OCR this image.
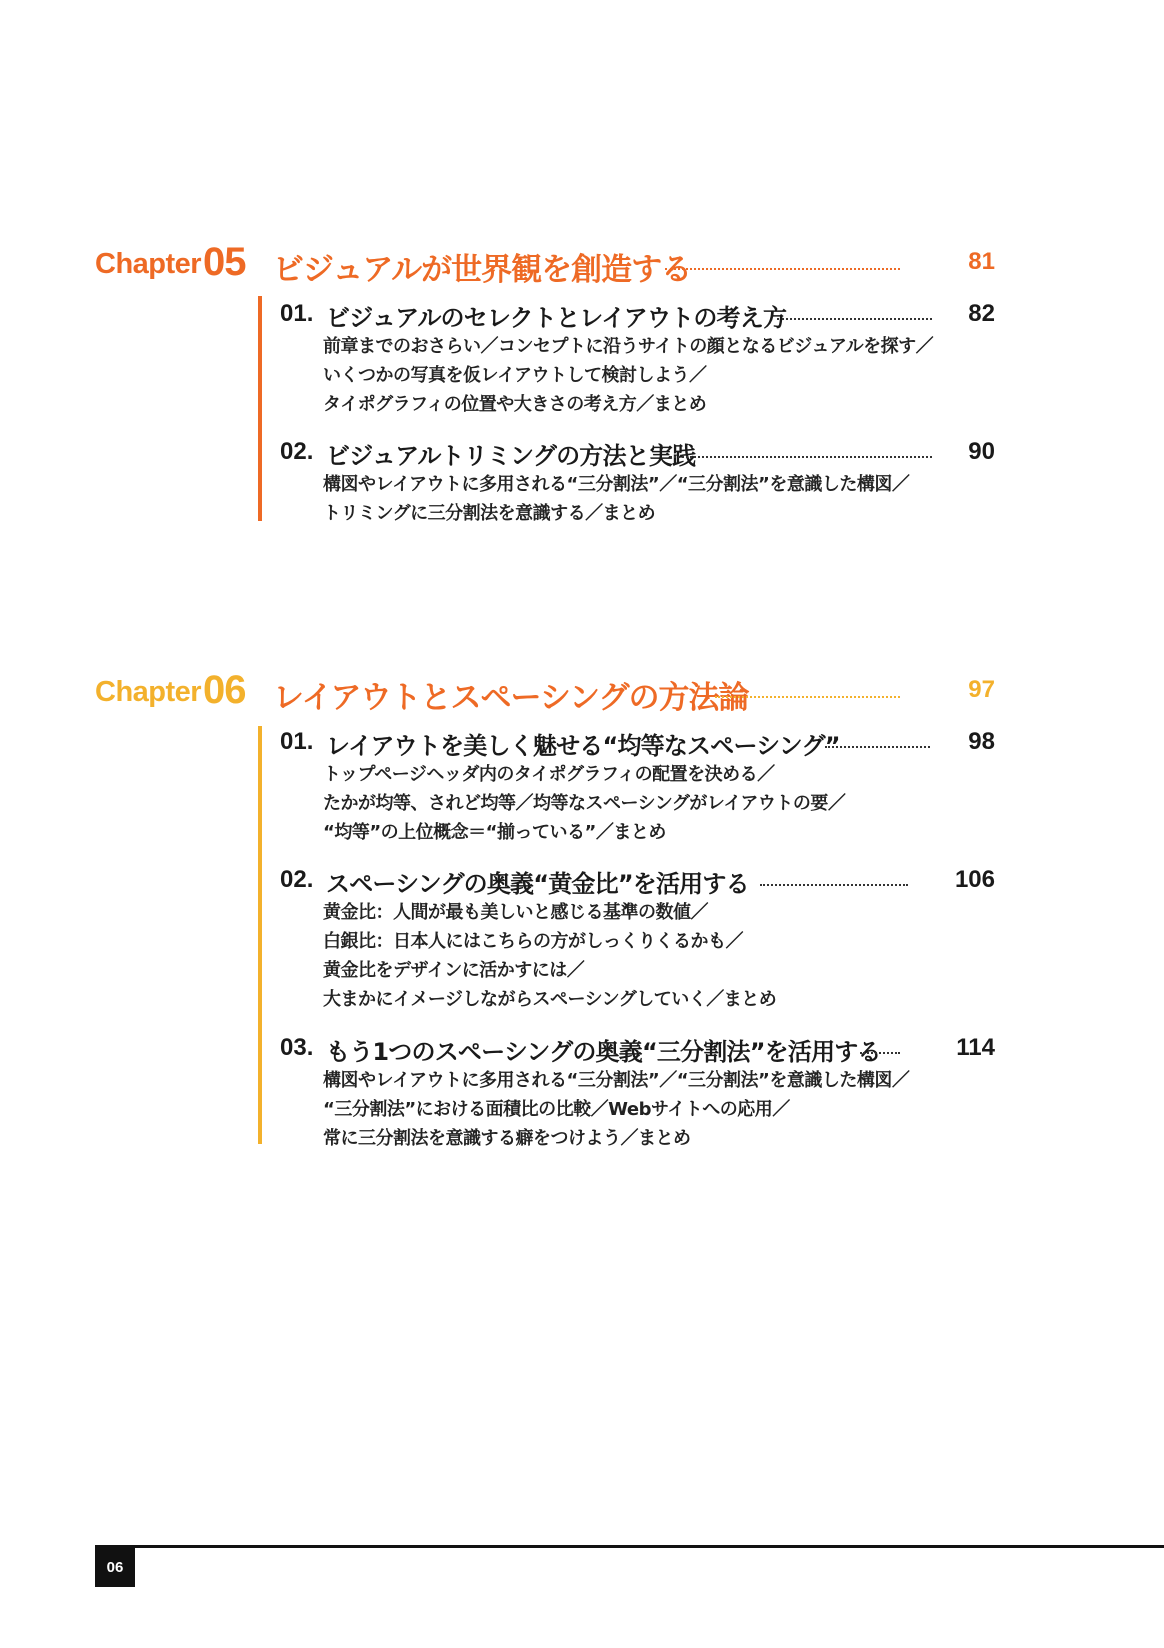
Chapter 05 ビジュアルが世界観を創造する	81
01. ビジュアルのセレクトとレイアウトの考え方	82
前章までのおさらい／コンセプトに沿うサイトの顔となるビジュアルを探す／
いくつかの写真を仮レイアウトして検討しよう／
タイポグラフィの位置や大きさの考え方／まとめ
02. ビジュアルトリミングの方法と実践	90
構図やレイアウトに多用される“三分割法”／“三分割法”を意識した構図／
トリミングに三分割法を意識する／まとめ
Chapter 06 レイアウトとスペーシングの方法論	97
01. レイアウトを美しく魅せる“均等なスペーシング”	98
トップページヘッダ内のタイポグラフィの配置を決める／
たかが均等、されど均等／均等なスペーシングがレイアウトの要／
“均等”の上位概念＝“揃っている”／まとめ
02. スペーシングの奥義“黄金比”を活用する	106
黄金比：人間が最も美しいと感じる基準の数値／
白銀比：日本人にはこちらの方がしっくりくるかも／
黄金比をデザインに活かすには／
大まかにイメージしながらスペーシングしていく／まとめ
03. もう1つのスペーシングの奥義“三分割法”を活用する	114
構図やレイアウトに多用される“三分割法”／“三分割法”を意識した構図／
“三分割法”における面積比の比較／Webサイトへの応用／
常に三分割法を意識する癖をつけよう／まとめ
06
